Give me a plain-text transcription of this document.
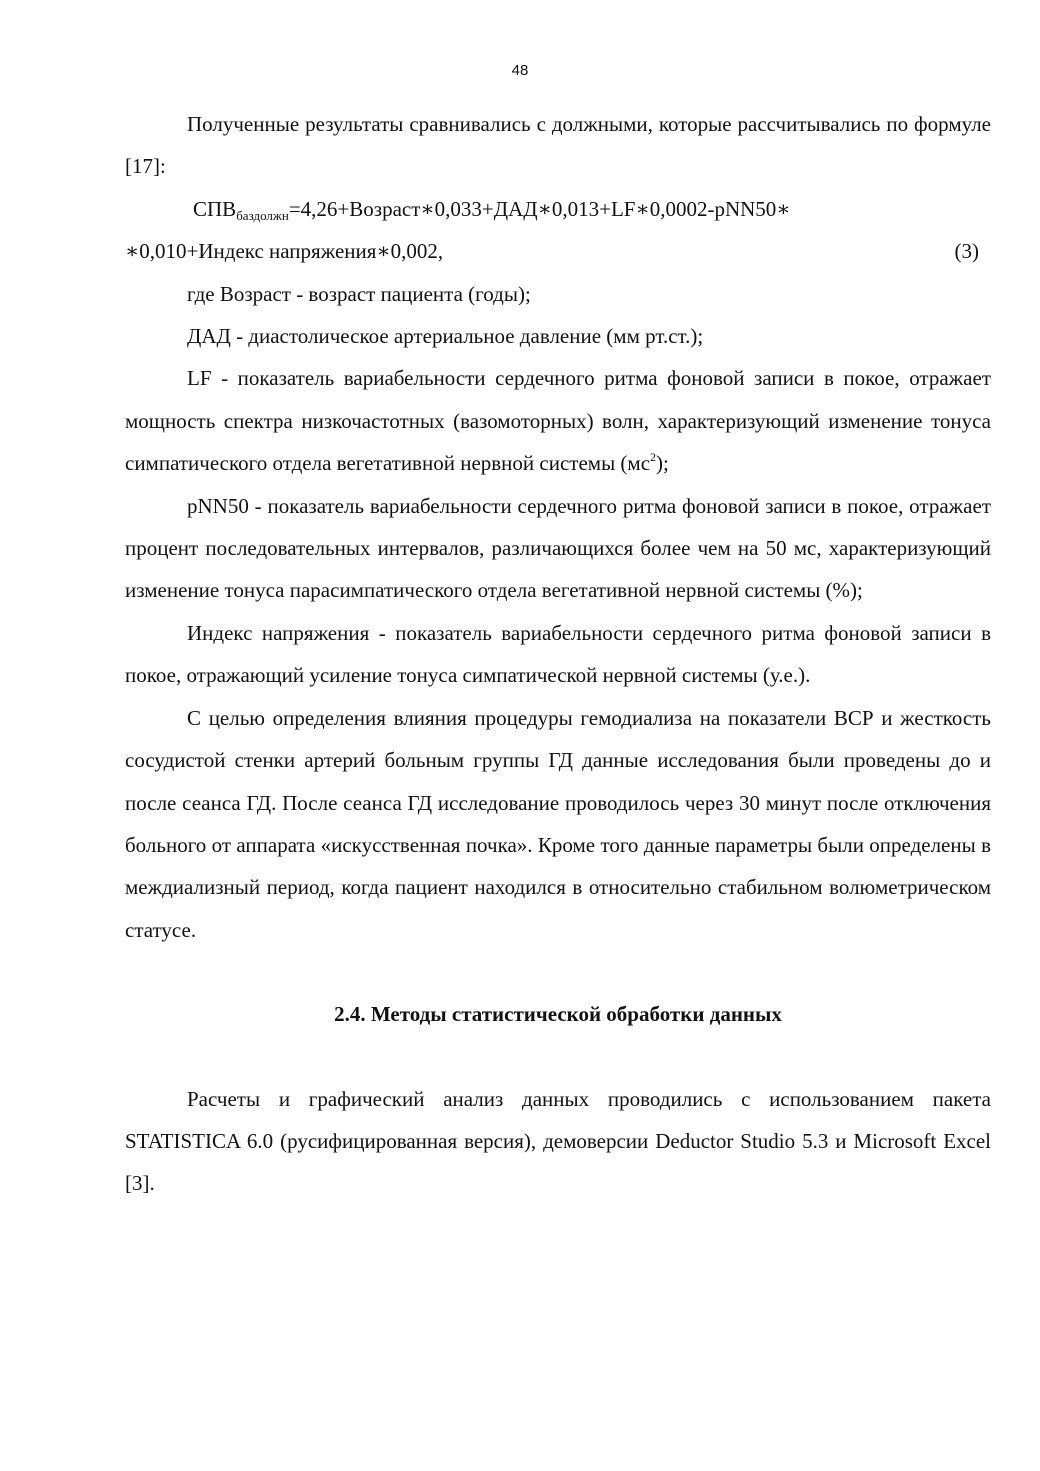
48

Полученные результаты сравнивались с должными, которые рассчитывались по формуле [17]:

$СПВ_{баздолжн}=4,26+Возраст∗0,033+ДАД∗0,013+LF∗0,0002-pNN50∗$

∗0,010+Индекс напряжения∗0,002,	(3)

где Возраст - возраст пациента (годы);

ДАД - диастолическое артериальное давление (мм рт.ст.);

LF - показатель вариабельности сердечного ритма фоновой записи в покое, отражает мощность спектра низкочастотных (вазомоторных) волн, характеризующий изменение тонуса симпатического отдела вегетативной нервной системы $(мс^2)$;

pNN50 - показатель вариабельности сердечного ритма фоновой записи в покое, отражает процент последовательных интервалов, различающихся более чем на 50 мс, характеризующий изменение тонуса парасимпатического отдела вегетативной нервной системы (%);

Индекс напряжения - показатель вариабельности сердечного ритма фоновой записи в покое, отражающий усиление тонуса симпатической нервной системы (у.е.).

С целью определения влияния процедуры гемодиализа на показатели ВСР и жесткость сосудистой стенки артерий больным группы ГД данные исследования были проведены до и после сеанса ГД. После сеанса ГД исследование проводилось через 30 минут после отключения больного от аппарата «искусственная почка». Кроме того данные параметры были определены в междиализный период, когда пациент находился в относительно стабильном волюметрическом статусе.

2.4. Методы статистической обработки данных

Расчеты и графический анализ данных проводились с использованием пакета STATISTICA 6.0 (русифицированная версия), демоверсии Deductor Studio 5.3 и Microsoft Excel [3].
